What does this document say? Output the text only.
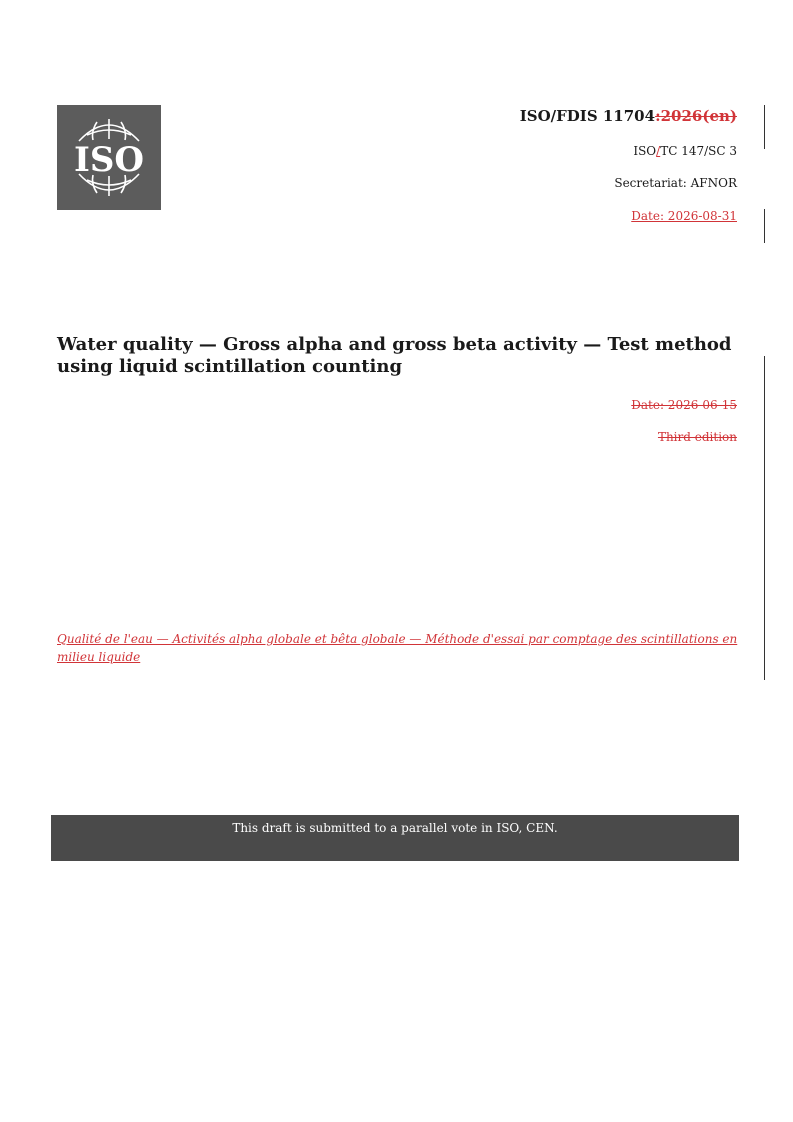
ISO
ISO/FDIS 11704:2026(en)
ISO/TC 147/SC 3
Secretariat: AFNOR
Date: 2026-08-31
Water quality — Gross alpha and gross beta activity — Test method using liquid scintillation counting
Date: 2026-06-15
Third edition
Qualité de l'eau — Activités alpha globale et bêta globale — Méthode d'essai par comptage des scintillations en milieu liquide
This draft is submitted to a parallel vote in ISO, CEN.
